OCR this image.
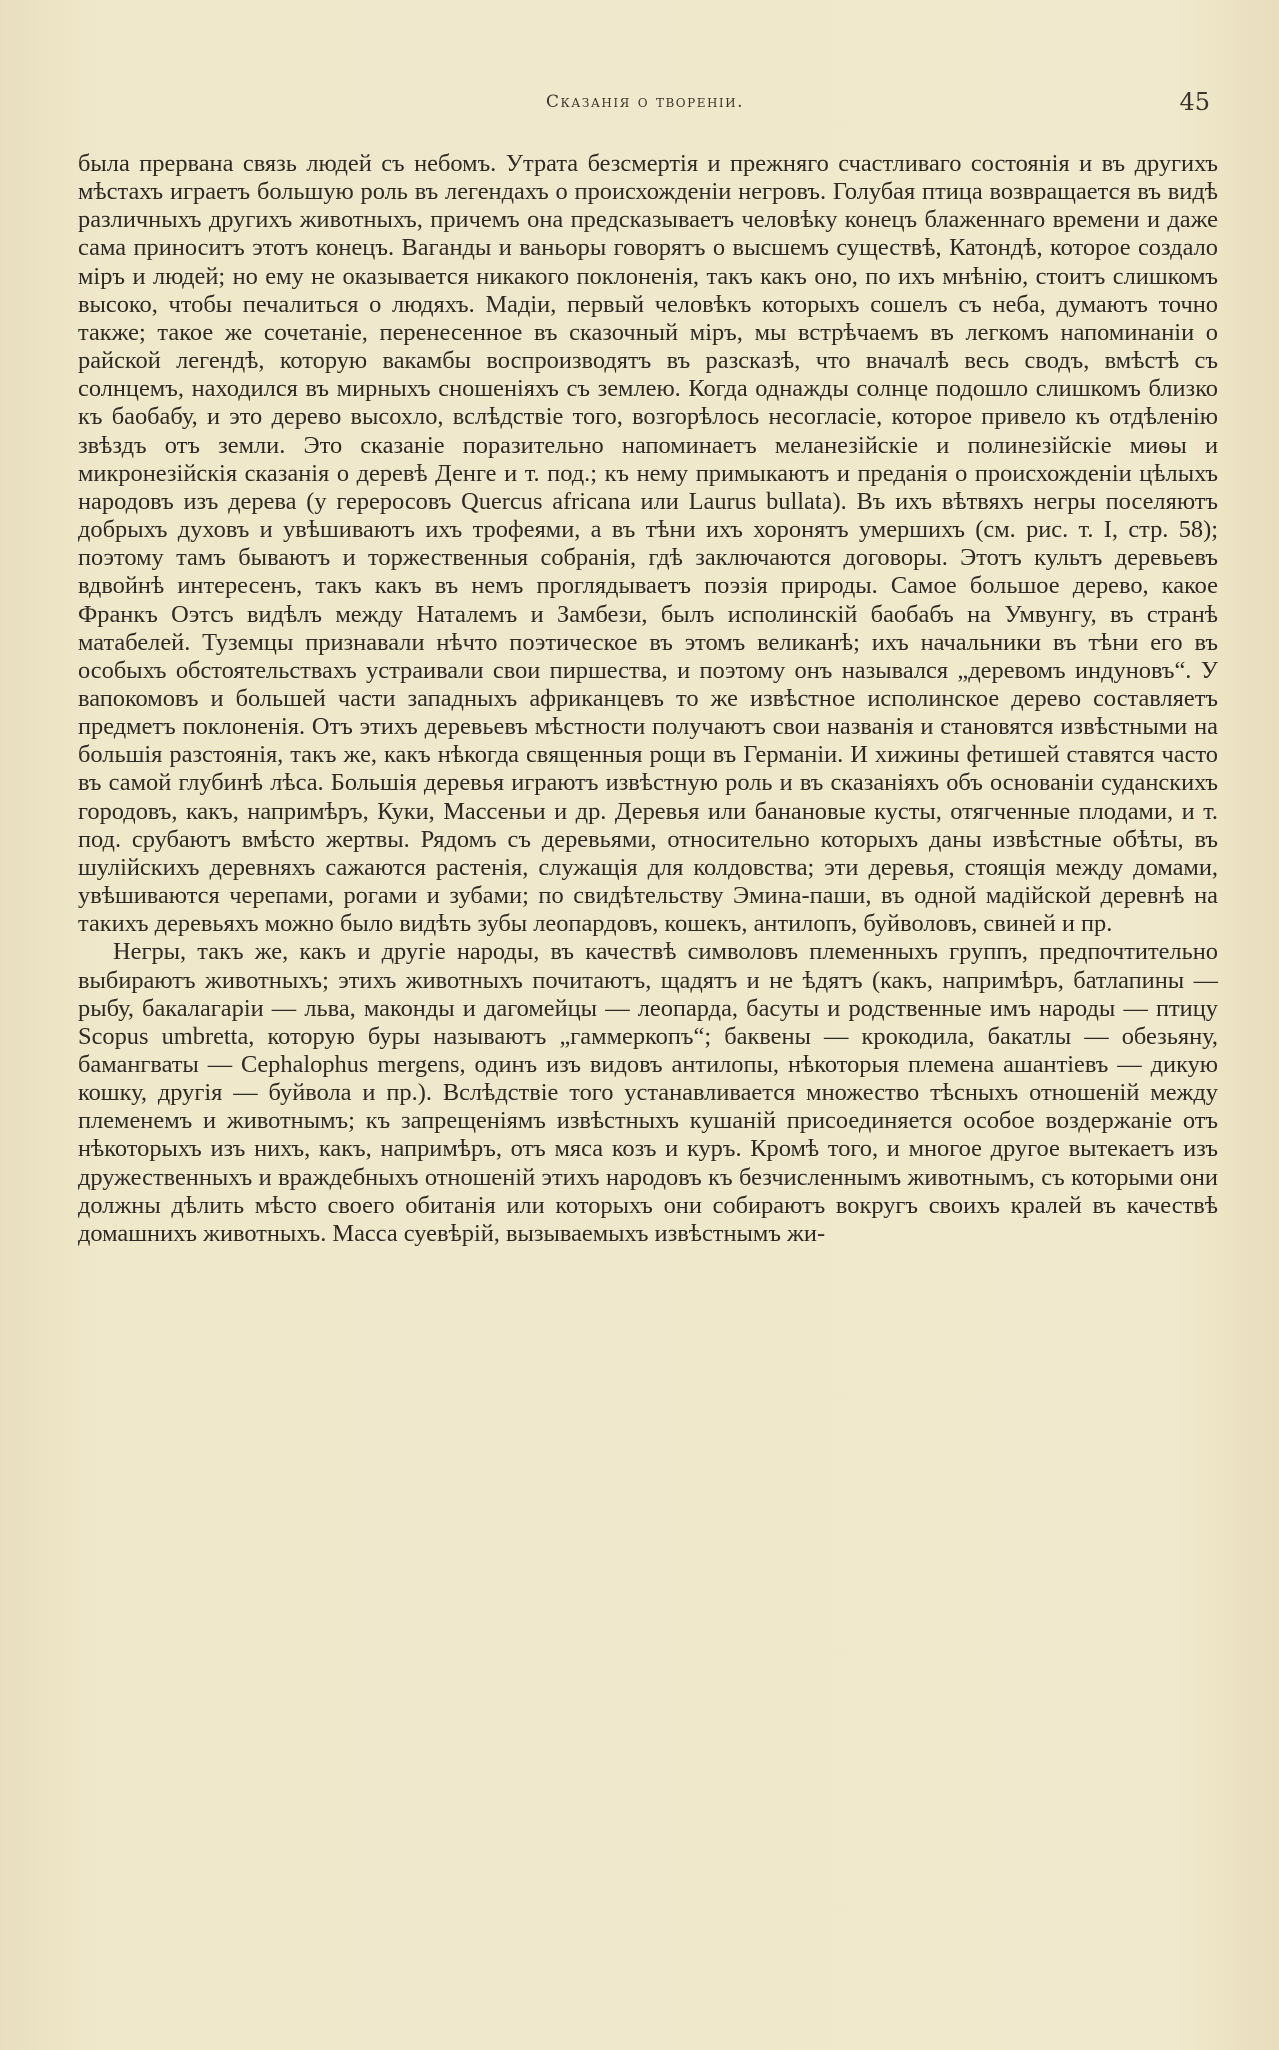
Сказанія о твореніи.	45

была прервана связь людей съ небомъ. Утрата безсмертія и прежняго счастливаго состоянія и въ другихъ мѣстахъ играетъ большую роль въ легендахъ о происхожденіи негровъ. Голубая птица возвращается въ видѣ различныхъ другихъ животныхъ, причемъ она предсказываетъ человѣку конецъ блаженнаго времени и даже сама приноситъ этотъ конецъ. Ваганды и ваньоры говорятъ о высшемъ существѣ, Катондѣ, которое создало міръ и людей; но ему не оказывается никакого поклоненія, такъ какъ оно, по ихъ мнѣнію, стоитъ слишкомъ высоко, чтобы печалиться о людяхъ. Мадіи, первый человѣкъ которыхъ сошелъ съ неба, думаютъ точно также; такое же сочетаніе, перенесенное въ сказочный міръ, мы встрѣчаемъ въ легкомъ напоминаніи о райской легендѣ, которую вакамбы воспроизводятъ въ разсказѣ, что вначалѣ весь сводъ, вмѣстѣ съ солнцемъ, находился въ мирныхъ сношеніяхъ съ землею. Когда однажды солнце подошло слишкомъ близко къ баобабу, и это дерево высохло, вслѣдствіе того, возгорѣлось несогласіе, которое привело къ отдѣленію звѣздъ отъ земли. Это сказаніе поразительно напоминаетъ меланезійскіе и полинезійскіе миѳы и микронезійскія сказанія о деревѣ Денге и т. под.; къ нему примыкаютъ и преданія о происхожденіи цѣлыхъ народовъ изъ дерева (у гереросовъ Quercus africana или Laurus bullata). Въ ихъ вѣтвяхъ негры поселяютъ добрыхъ духовъ и увѣшиваютъ ихъ трофеями, а въ тѣни ихъ хоронятъ умершихъ (см. рис. т. I, стр. 58); поэтому тамъ бываютъ и торжественныя собранія, гдѣ заключаются договоры. Этотъ культъ деревьевъ вдвойнѣ интересенъ, такъ какъ въ немъ проглядываетъ поэзія природы. Самое большое дерево, какое Франкъ Оэтсъ видѣлъ между Наталемъ и Замбези, былъ исполинскій баобабъ на Умвунгу, въ странѣ матабелей. Туземцы признавали нѣчто поэтическое въ этомъ великанѣ; ихъ начальники въ тѣни его въ особыхъ обстоятельствахъ устраивали свои пиршества, и поэтому онъ назывался „деревомъ индуновъ“. У вапокомовъ и большей части западныхъ африканцевъ то же извѣстное исполинское дерево составляетъ предметъ поклоненія. Отъ этихъ деревьевъ мѣстности получаютъ свои названія и становятся извѣстными на большія разстоянія, такъ же, какъ нѣкогда священныя рощи въ Германіи. И хижины фетишей ставятся часто въ самой глубинѣ лѣса. Большія деревья играютъ извѣстную роль и въ сказаніяхъ объ основаніи суданскихъ городовъ, какъ, напримѣръ, Куки, Массеньи и др. Деревья или банановые кусты, отягченные плодами, и т. под. срубаютъ вмѣсто жертвы. Рядомъ съ деревьями, относительно которыхъ даны извѣстные обѣты, въ шулійскихъ деревняхъ сажаются растенія, служащія для колдовства; эти деревья, стоящія между домами, увѣшиваются черепами, рогами и зубами; по свидѣтельству Эмина-паши, въ одной мадійской деревнѣ на такихъ деревьяхъ можно было видѣть зубы леопардовъ, кошекъ, антилопъ, буйволовъ, свиней и пр.

Негры, такъ же, какъ и другіе народы, въ качествѣ символовъ племенныхъ группъ, предпочтительно выбираютъ животныхъ; этихъ животныхъ почитаютъ, щадятъ и не ѣдятъ (какъ, напримѣръ, батлапины — рыбу, бакалагаріи — льва, маконды и дагомейцы — леопарда, басуты и родственные имъ народы — птицу Scopus umbretta, которую буры называютъ „гаммеркопъ“; баквены — крокодила, бакатлы — обезьяну, бамангваты — Cephalophus mergens, одинъ изъ видовъ антилопы, нѣкоторыя племена ашантіевъ — дикую кошку, другія — буйвола и пр.). Вслѣдствіе того устанавливается множество тѣсныхъ отношеній между племенемъ и животнымъ; къ запрещеніямъ извѣстныхъ кушаній присоединяется особое воздержаніе отъ нѣкоторыхъ изъ нихъ, какъ, напримѣръ, отъ мяса козъ и куръ. Кромѣ того, и многое другое вытекаетъ изъ дружественныхъ и враждебныхъ отношеній этихъ народовъ къ безчисленнымъ животнымъ, съ которыми они должны дѣлить мѣсто своего обитанія или которыхъ они собираютъ вокругъ своихъ кралей въ качествѣ домашнихъ животныхъ. Масса суевѣрій, вызываемыхъ извѣстнымъ жи-
